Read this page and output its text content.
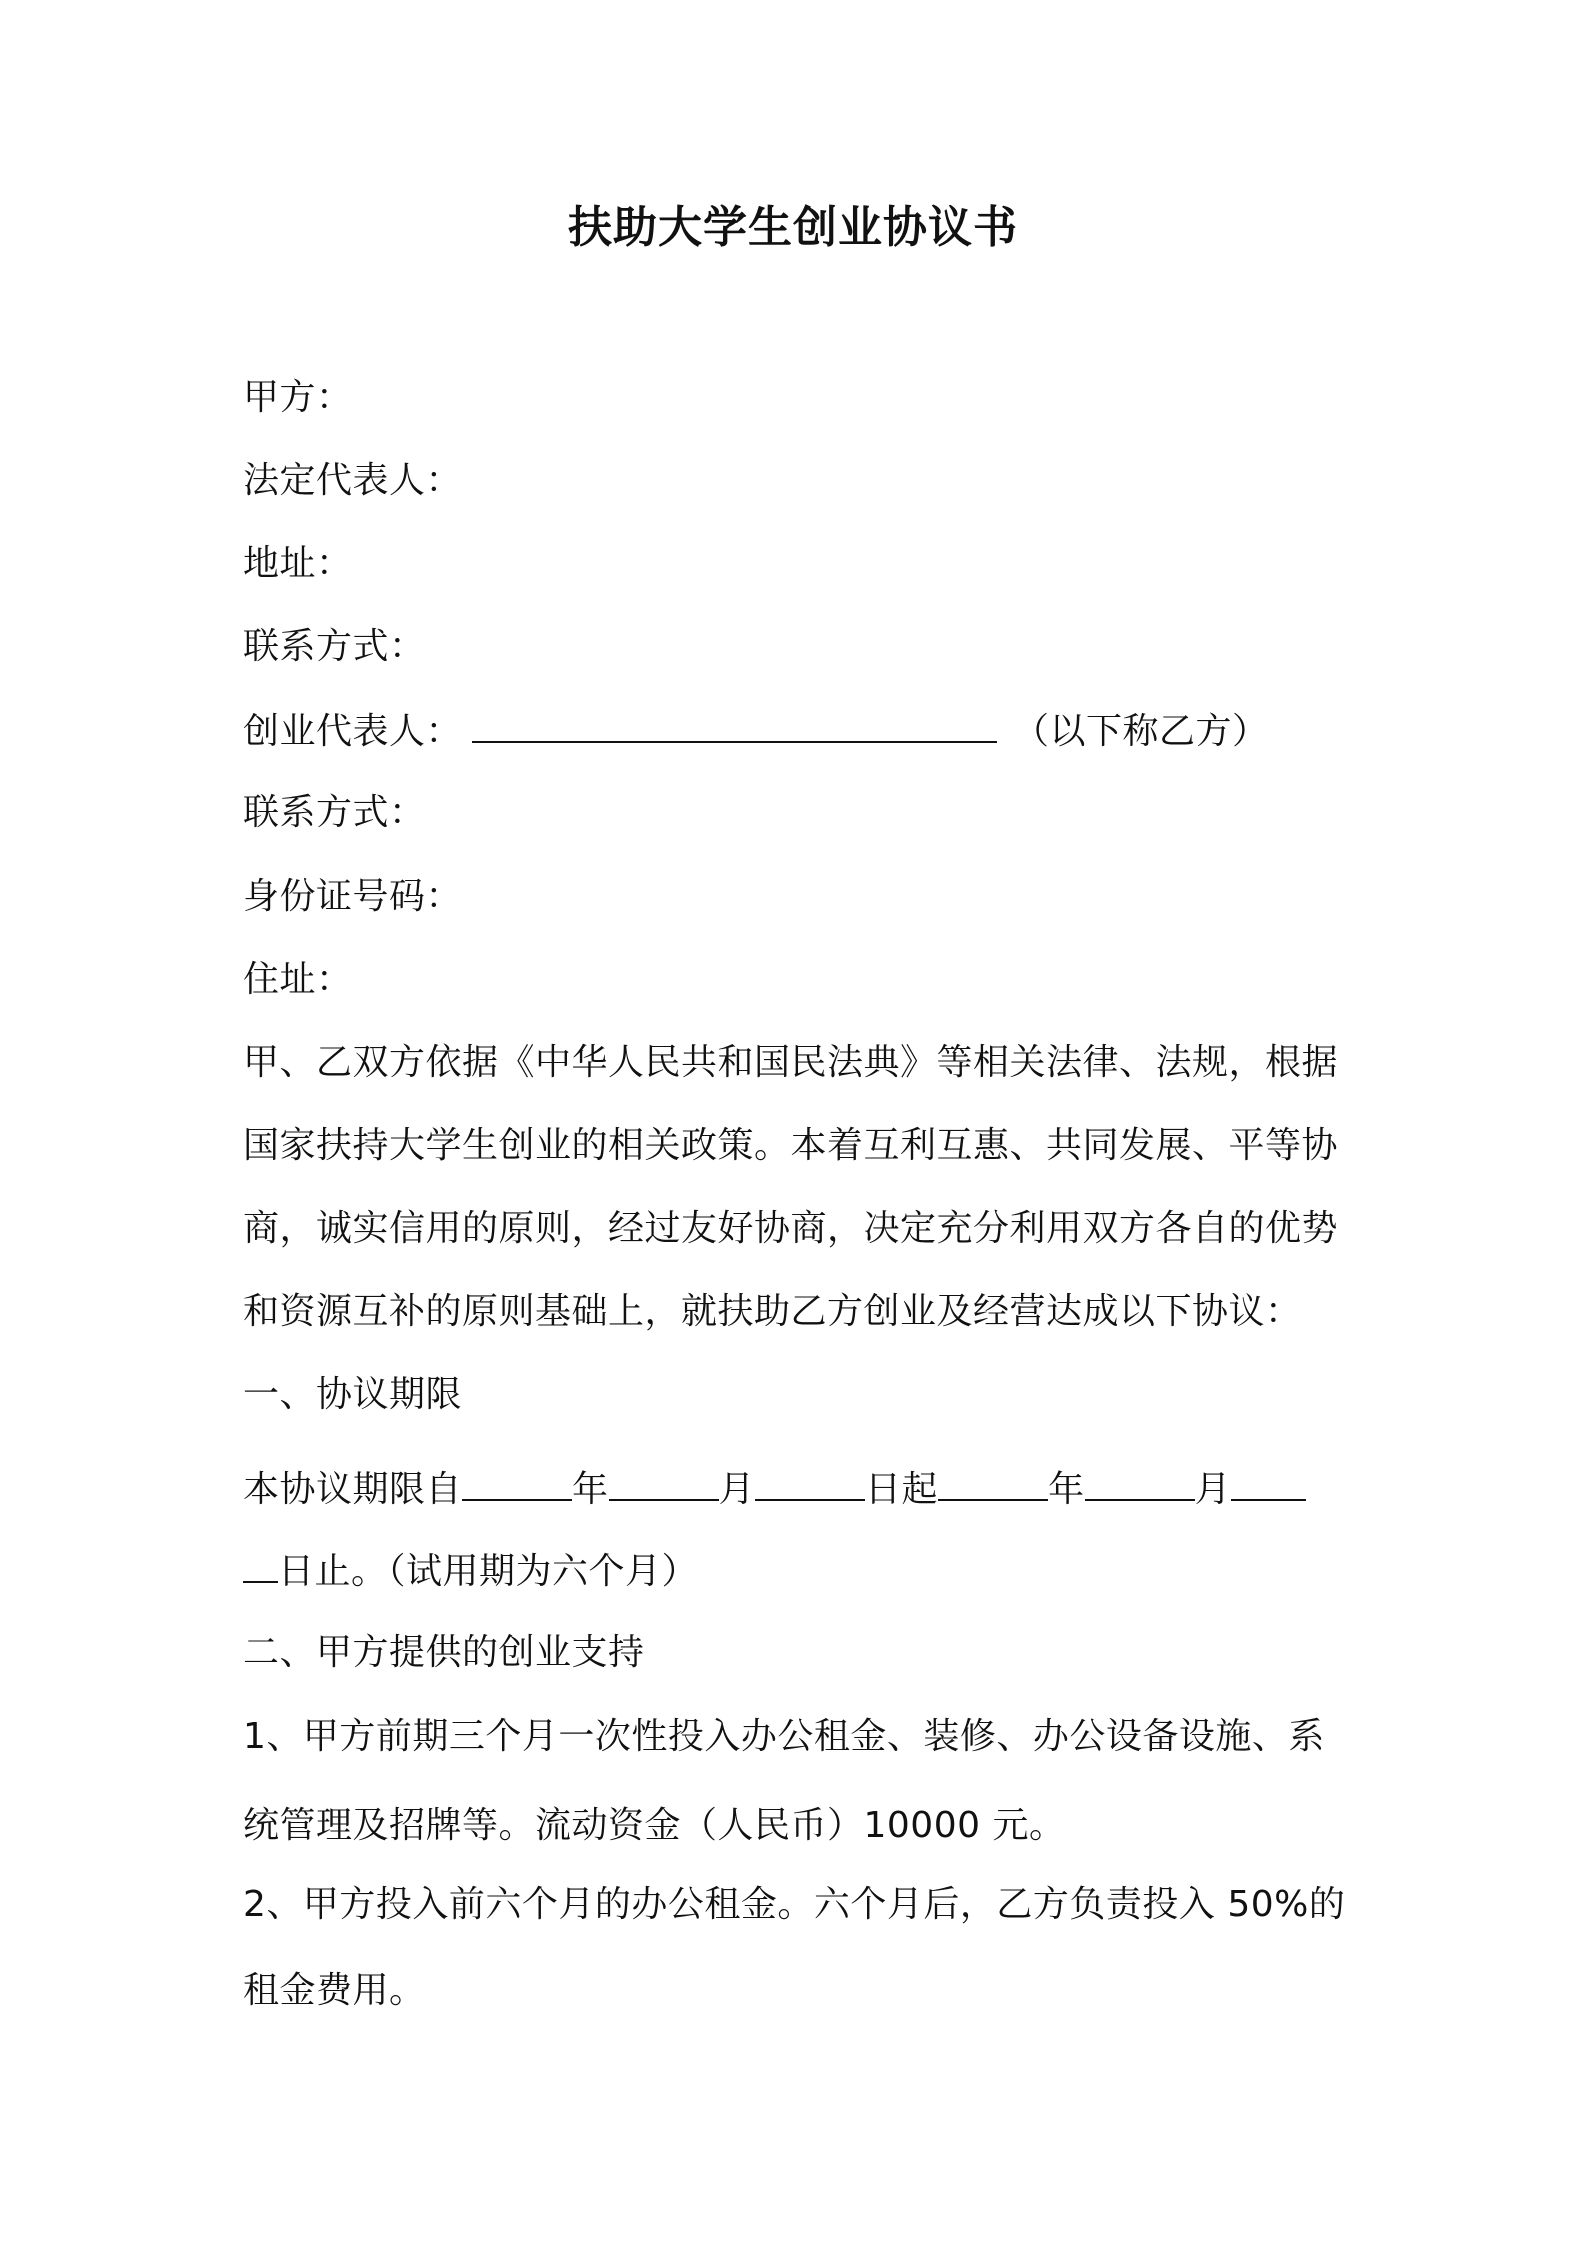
扶助大学生创业协议书
甲方：
法定代表人：
地址：
联系方式：
创业代表人：	（以下称乙方）
联系方式：
身份证号码：
住址：
甲、乙双方依据《中华人民共和国民法典》等相关法律、法规，根据
国家扶持大学生创业的相关政策。本着互利互惠、共同发展、平等协
商，诚实信用的原则，经过友好协商，决定充分利用双方各自的优势
和资源互补的原则基础上，就扶助乙方创业及经营达成以下协议：
一、协议期限
本协议期限自	年	月	日起	年	月
日止。（试用期为六个月）
二、甲方提供的创业支持
1、甲方前期三个月一次性投入办公租金、装修、办公设备设施、系
统管理及招牌等。流动资金（人民币）10000 元。
2、甲方投入前六个月的办公租金。六个月后，乙方负责投入 50%的
租金费用。
